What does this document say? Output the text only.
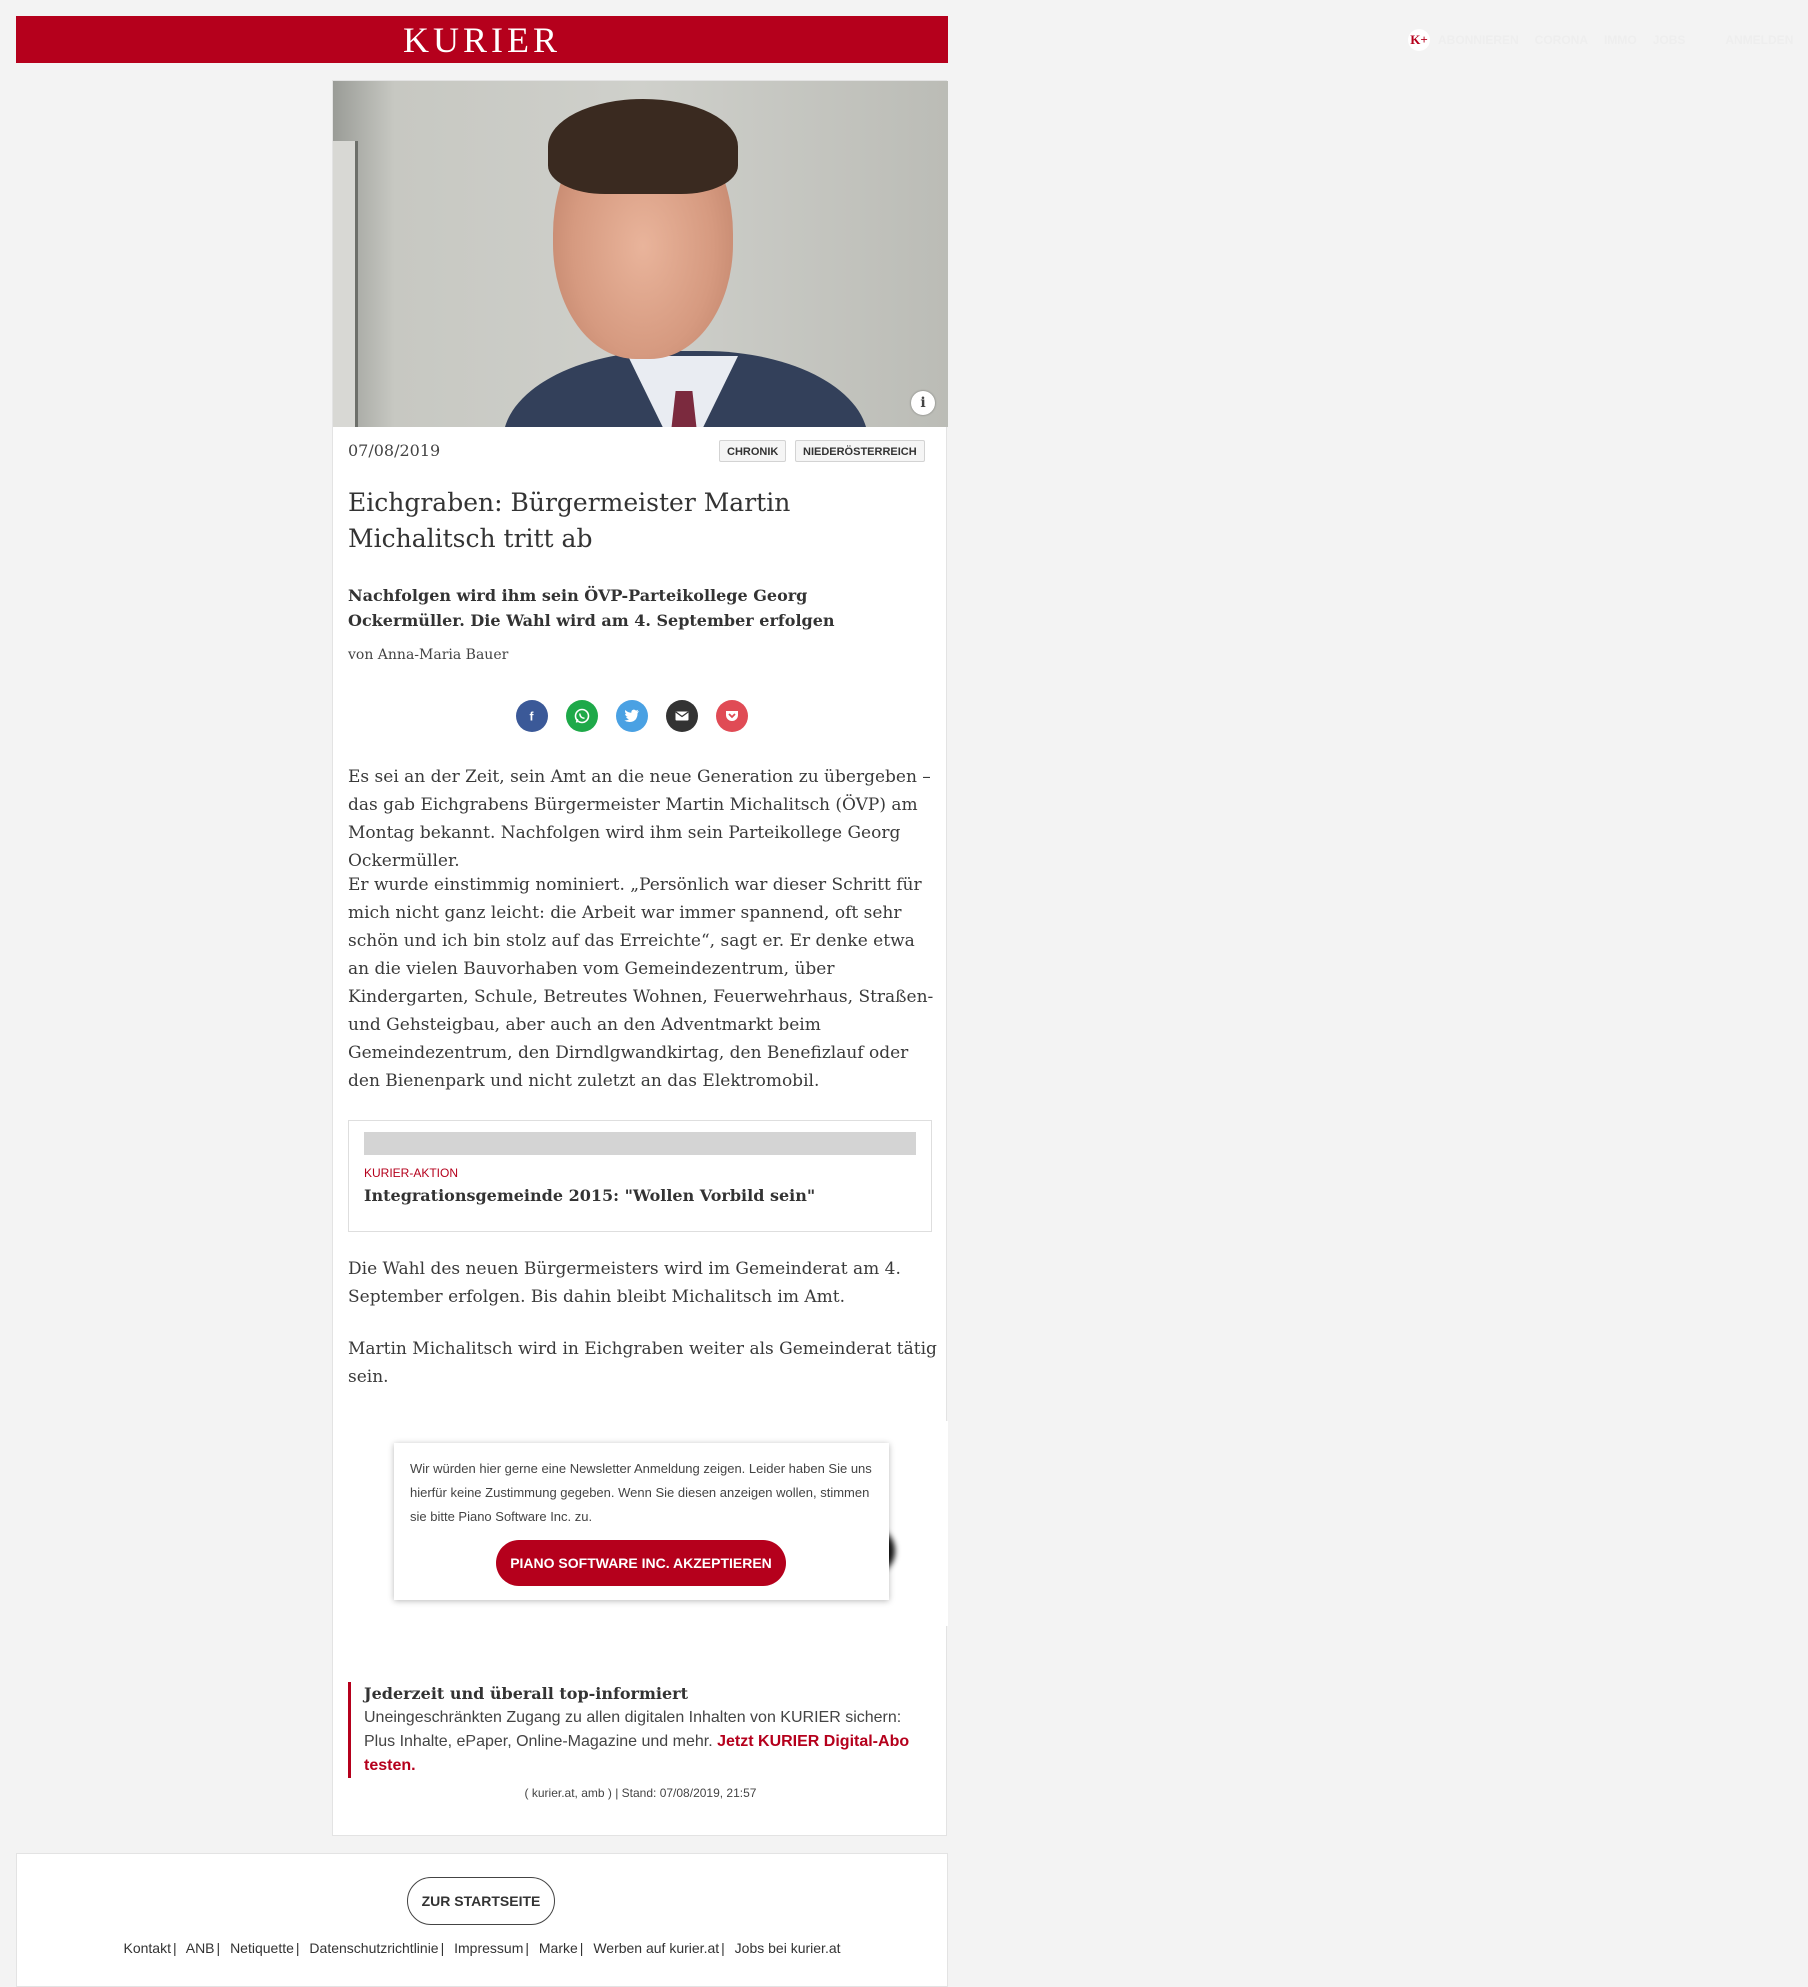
KURIER	K+ ABONNIEREN CORONA IMMO JOBS	ANMELDEN
i
07/08/2019	CHRONIK	NIEDERÖSTERREICH
Eichgraben: Bürgermeister Martin Michalitsch tritt ab

Nachfolgen wird ihm sein ÖVP-Parteikollege Georg Ockermüller. Die Wahl wird am 4. September erfolgen

von Anna-Maria Bauer
f

Es sei an der Zeit, sein Amt an die neue Generation zu übergeben – das gab Eichgrabens Bürgermeister Martin Michalitsch (ÖVP) am Montag bekannt. Nachfolgen wird ihm sein Parteikollege Georg Ockermüller.

Er wurde einstimmig nominiert. „Persönlich war dieser Schritt für mich nicht ganz leicht: die Arbeit war immer spannend, oft sehr schön und ich bin stolz auf das Erreichte“, sagt er. Er denke etwa an die vielen Bauvorhaben vom Gemeindezentrum, über Kindergarten, Schule, Betreutes Wohnen, Feuerwehrhaus, Straßen- und Gehsteigbau, aber auch an den Adventmarkt beim Gemeindezentrum, den Dirndlgwandkirtag, den Benefizlauf oder den Bienenpark und nicht zuletzt an das Elektromobil.

KURIER-AKTION
Integrationsgemeinde 2015: "Wollen Vorbild sein"

Die Wahl des neuen Bürgermeisters wird im Gemeinderat am 4. September erfolgen. Bis dahin bleibt Michalitsch im Amt.

Martin Michalitsch wird in Eichgraben weiter als Gemeinderat tätig sein.

Wir würden hier gerne eine Newsletter Anmeldung zeigen. Leider haben Sie uns hierfür keine Zustimmung gegeben. Wenn Sie diesen anzeigen wollen, stimmen sie bitte Piano Software Inc. zu.

PIANO SOFTWARE INC. AKZEPTIEREN

Jederzeit und überall top-informiert

Uneingeschränkten Zugang zu allen digitalen Inhalten von KURIER sichern: Plus Inhalte, ePaper, Online-Magazine und mehr. Jetzt KURIER Digital-Abo testen.

( kurier.at, amb ) | Stand: 07/08/2019, 21:57
ZUR STARTSEITE
Kontakt | ANB | Netiquette | Datenschutzrichtlinie | Impressum | Marke | Werben auf kurier.at | Jobs bei kurier.at
